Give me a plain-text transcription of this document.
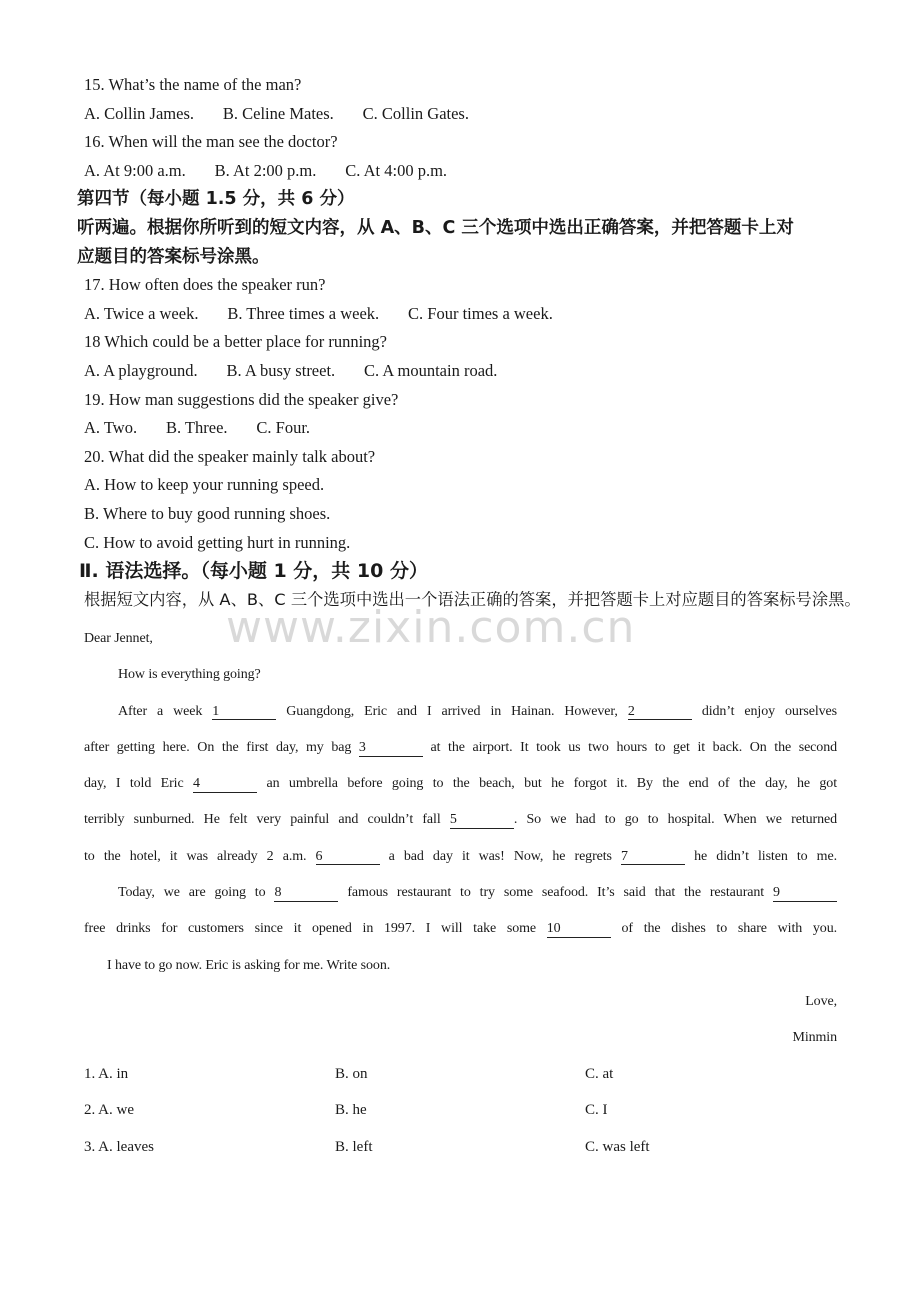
www.zixin.com.cn
15. What’s the name of the man?
A. Collin James.       B. Celine Mates.       C. Collin Gates.
16. When will the man see the doctor?
A. At 9:00 a.m.       B. At 2:00 p.m.       C. At 4:00 p.m.
第四节（每小题 1.5 分，共 6 分）
听两遍。根据你所听到的短文内容，从 A、B、C 三个选项中选出正确答案，并把答题卡上对
应题目的答案标号涂黑。
17. How often does the speaker run?
A. Twice a week.       B. Three times a week.       C. Four times a week.
18 Which could be a better place for running?
A. A playground.       B. A busy street.       C. A mountain road.
19. How man suggestions did the speaker give?
A. Two.       B. Three.       C. Four.
20. What did the speaker mainly talk about?
A. How to keep your running speed.
B. Where to buy good running shoes.
C. How to avoid getting hurt in running.
Ⅱ. 语法选择。（每小题 1 分，共 10 分）
根据短文内容，从 A、B、C 三个选项中选出一个语法正确的答案，并把答题卡上对应题目的答案标号涂黑。
Dear Jennet,
How is everything going?
After a week 1	Guangdong, Eric and I arrived in Hainan. However, 2	didn’t enjoy ourselves
after getting here. On the first day, my bag 3	at the airport. It took us two hours to get it back. On the second
day, I told Eric 4	an umbrella before going to the beach, but he forgot it. By the end of the day, he got
terribly sunburned. He felt very painful and couldn’t fall 5	. So we had to go to hospital. When we returned
to the hotel, it was already 2 a.m. 6	a bad day it was! Now, he regrets 7	he didn’t listen to me.
Today, we are going to 8	famous restaurant to try some seafood. It’s said that the restaurant 9
free drinks for customers since it opened in 1997. I will take some 10	of the dishes to share with you.
I have to go now. Eric is asking for me. Write soon.
Love,
Minmin
1. A. in	B. on	C. at
2. A. we	B. he	C. I
3. A. leaves	B. left	C. was left
